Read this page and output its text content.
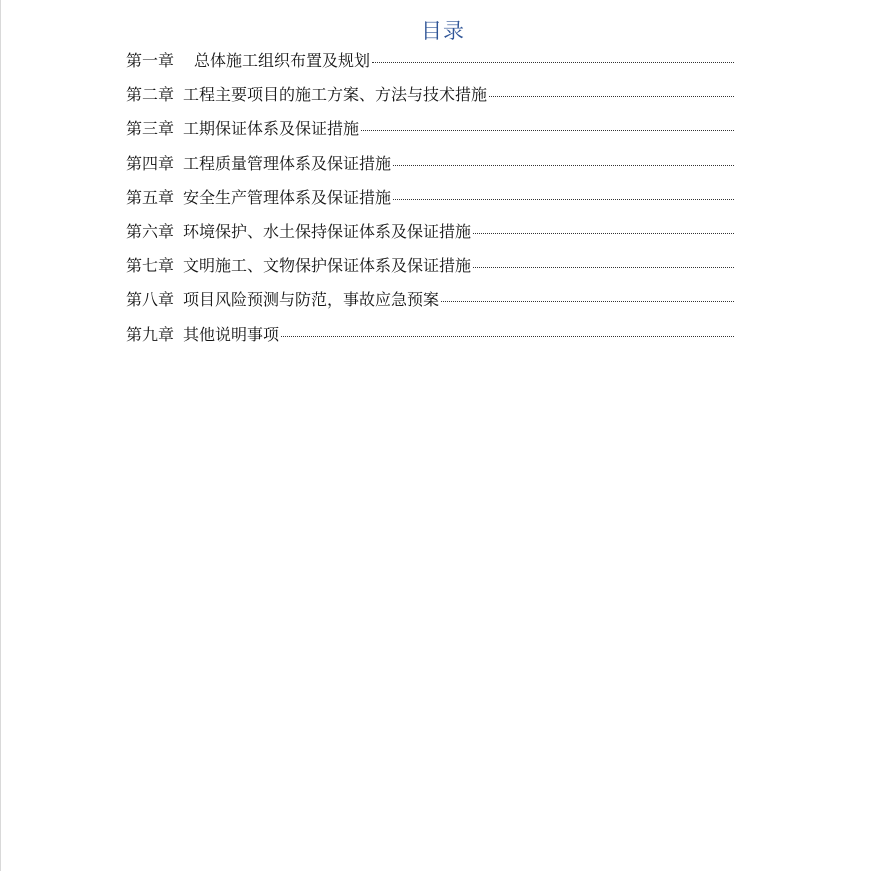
目录
第一章 总体施工组织布置及规划
第二章 工程主要项目的施工方案、方法与技术措施
第三章 工期保证体系及保证措施
第四章 工程质量管理体系及保证措施
第五章 安全生产管理体系及保证措施
第六章 环境保护、水土保持保证体系及保证措施
第七章 文明施工、文物保护保证体系及保证措施
第八章 项目风险预测与防范，事故应急预案
第九章 其他说明事项
